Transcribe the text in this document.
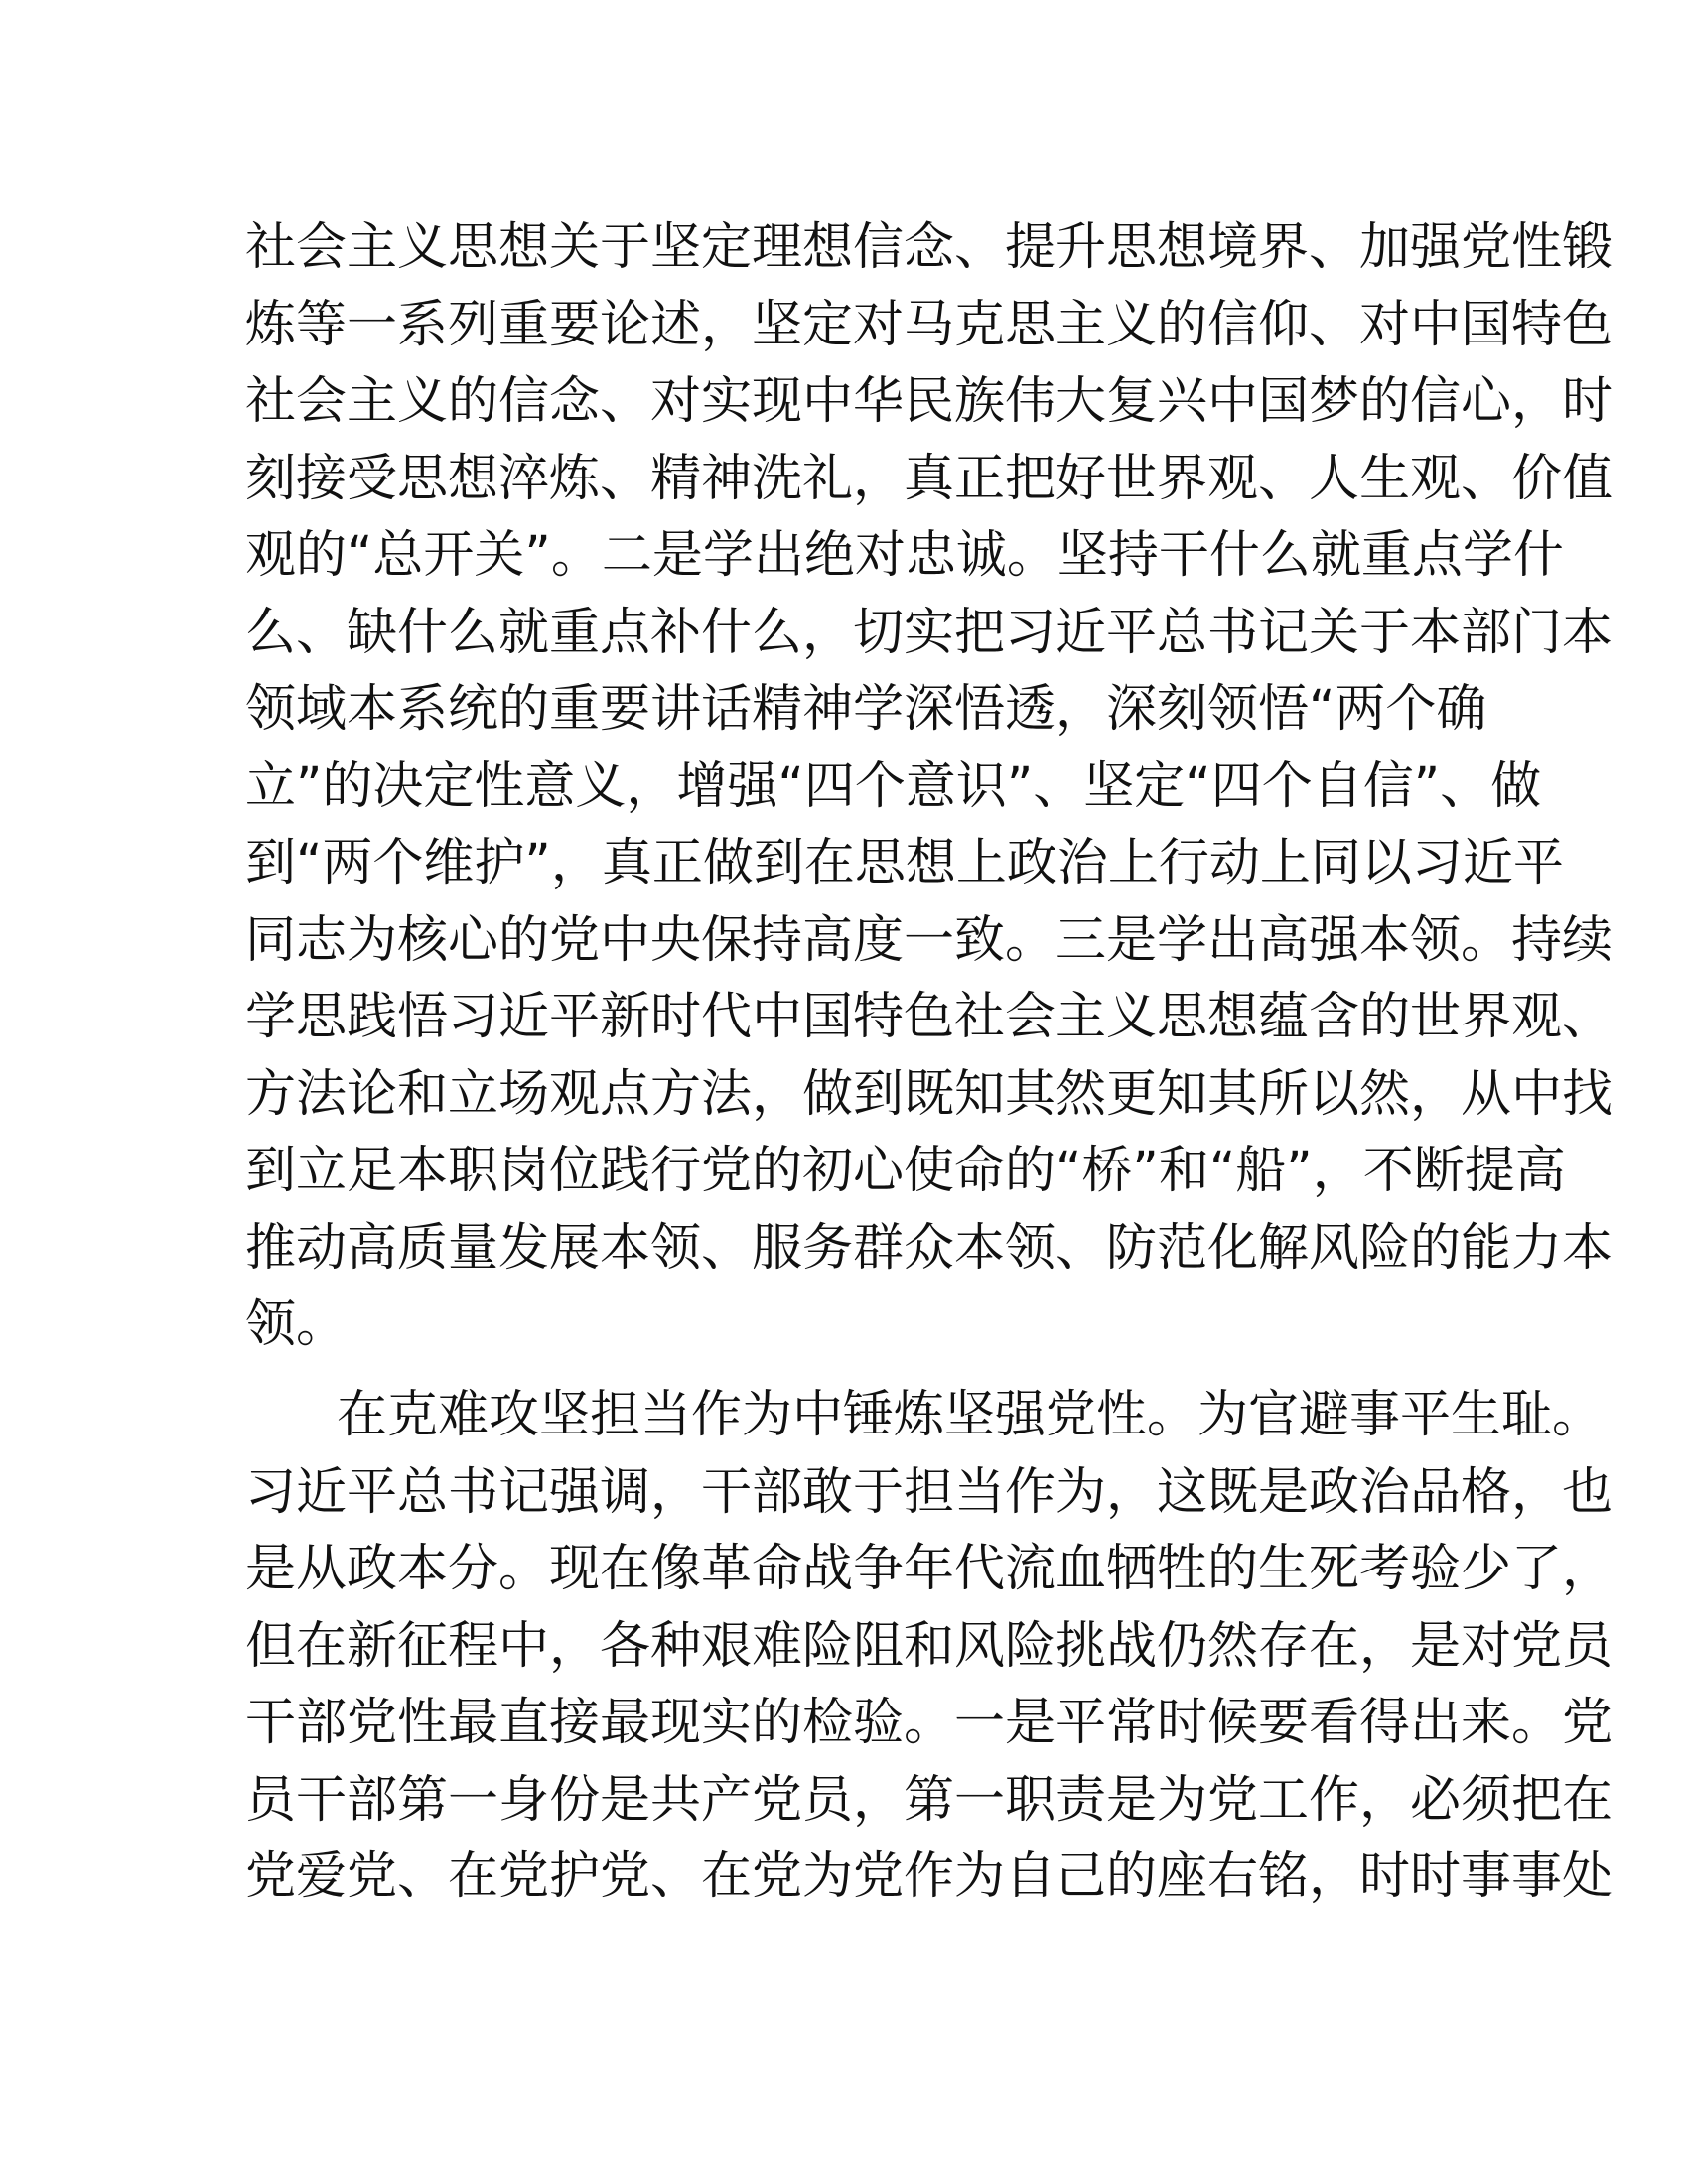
社会主义思想关于坚定理想信念、提升思想境界、加强党性锻
炼等一系列重要论述，坚定对马克思主义的信仰、对中国特色
社会主义的信念、对实现中华民族伟大复兴中国梦的信心，时
刻接受思想淬炼、精神洗礼，真正把好世界观、人生观、价值
观的“总开关”。二是学出绝对忠诚。坚持干什么就重点学什
么、缺什么就重点补什么，切实把习近平总书记关于本部门本
领域本系统的重要讲话精神学深悟透，深刻领悟“两个确
立”的决定性意义，增强“四个意识”、坚定“四个自信”、做
到“两个维护”，真正做到在思想上政治上行动上同以习近平
同志为核心的党中央保持高度一致。三是学出高强本领。持续
学思践悟习近平新时代中国特色社会主义思想蕴含的世界观、
方法论和立场观点方法，做到既知其然更知其所以然，从中找
到立足本职岗位践行党的初心使命的“桥”和“船”，不断提高
推动高质量发展本领、服务群众本领、防范化解风险的能力本
领。
在克难攻坚担当作为中锤炼坚强党性。为官避事平生耻。
习近平总书记强调，干部敢于担当作为，这既是政治品格，也
是从政本分。现在像革命战争年代流血牺牲的生死考验少了，
但在新征程中，各种艰难险阻和风险挑战仍然存在，是对党员
干部党性最直接最现实的检验。一是平常时候要看得出来。党
员干部第一身份是共产党员，第一职责是为党工作，必须把在
党爱党、在党护党、在党为党作为自己的座右铭，时时事事处
